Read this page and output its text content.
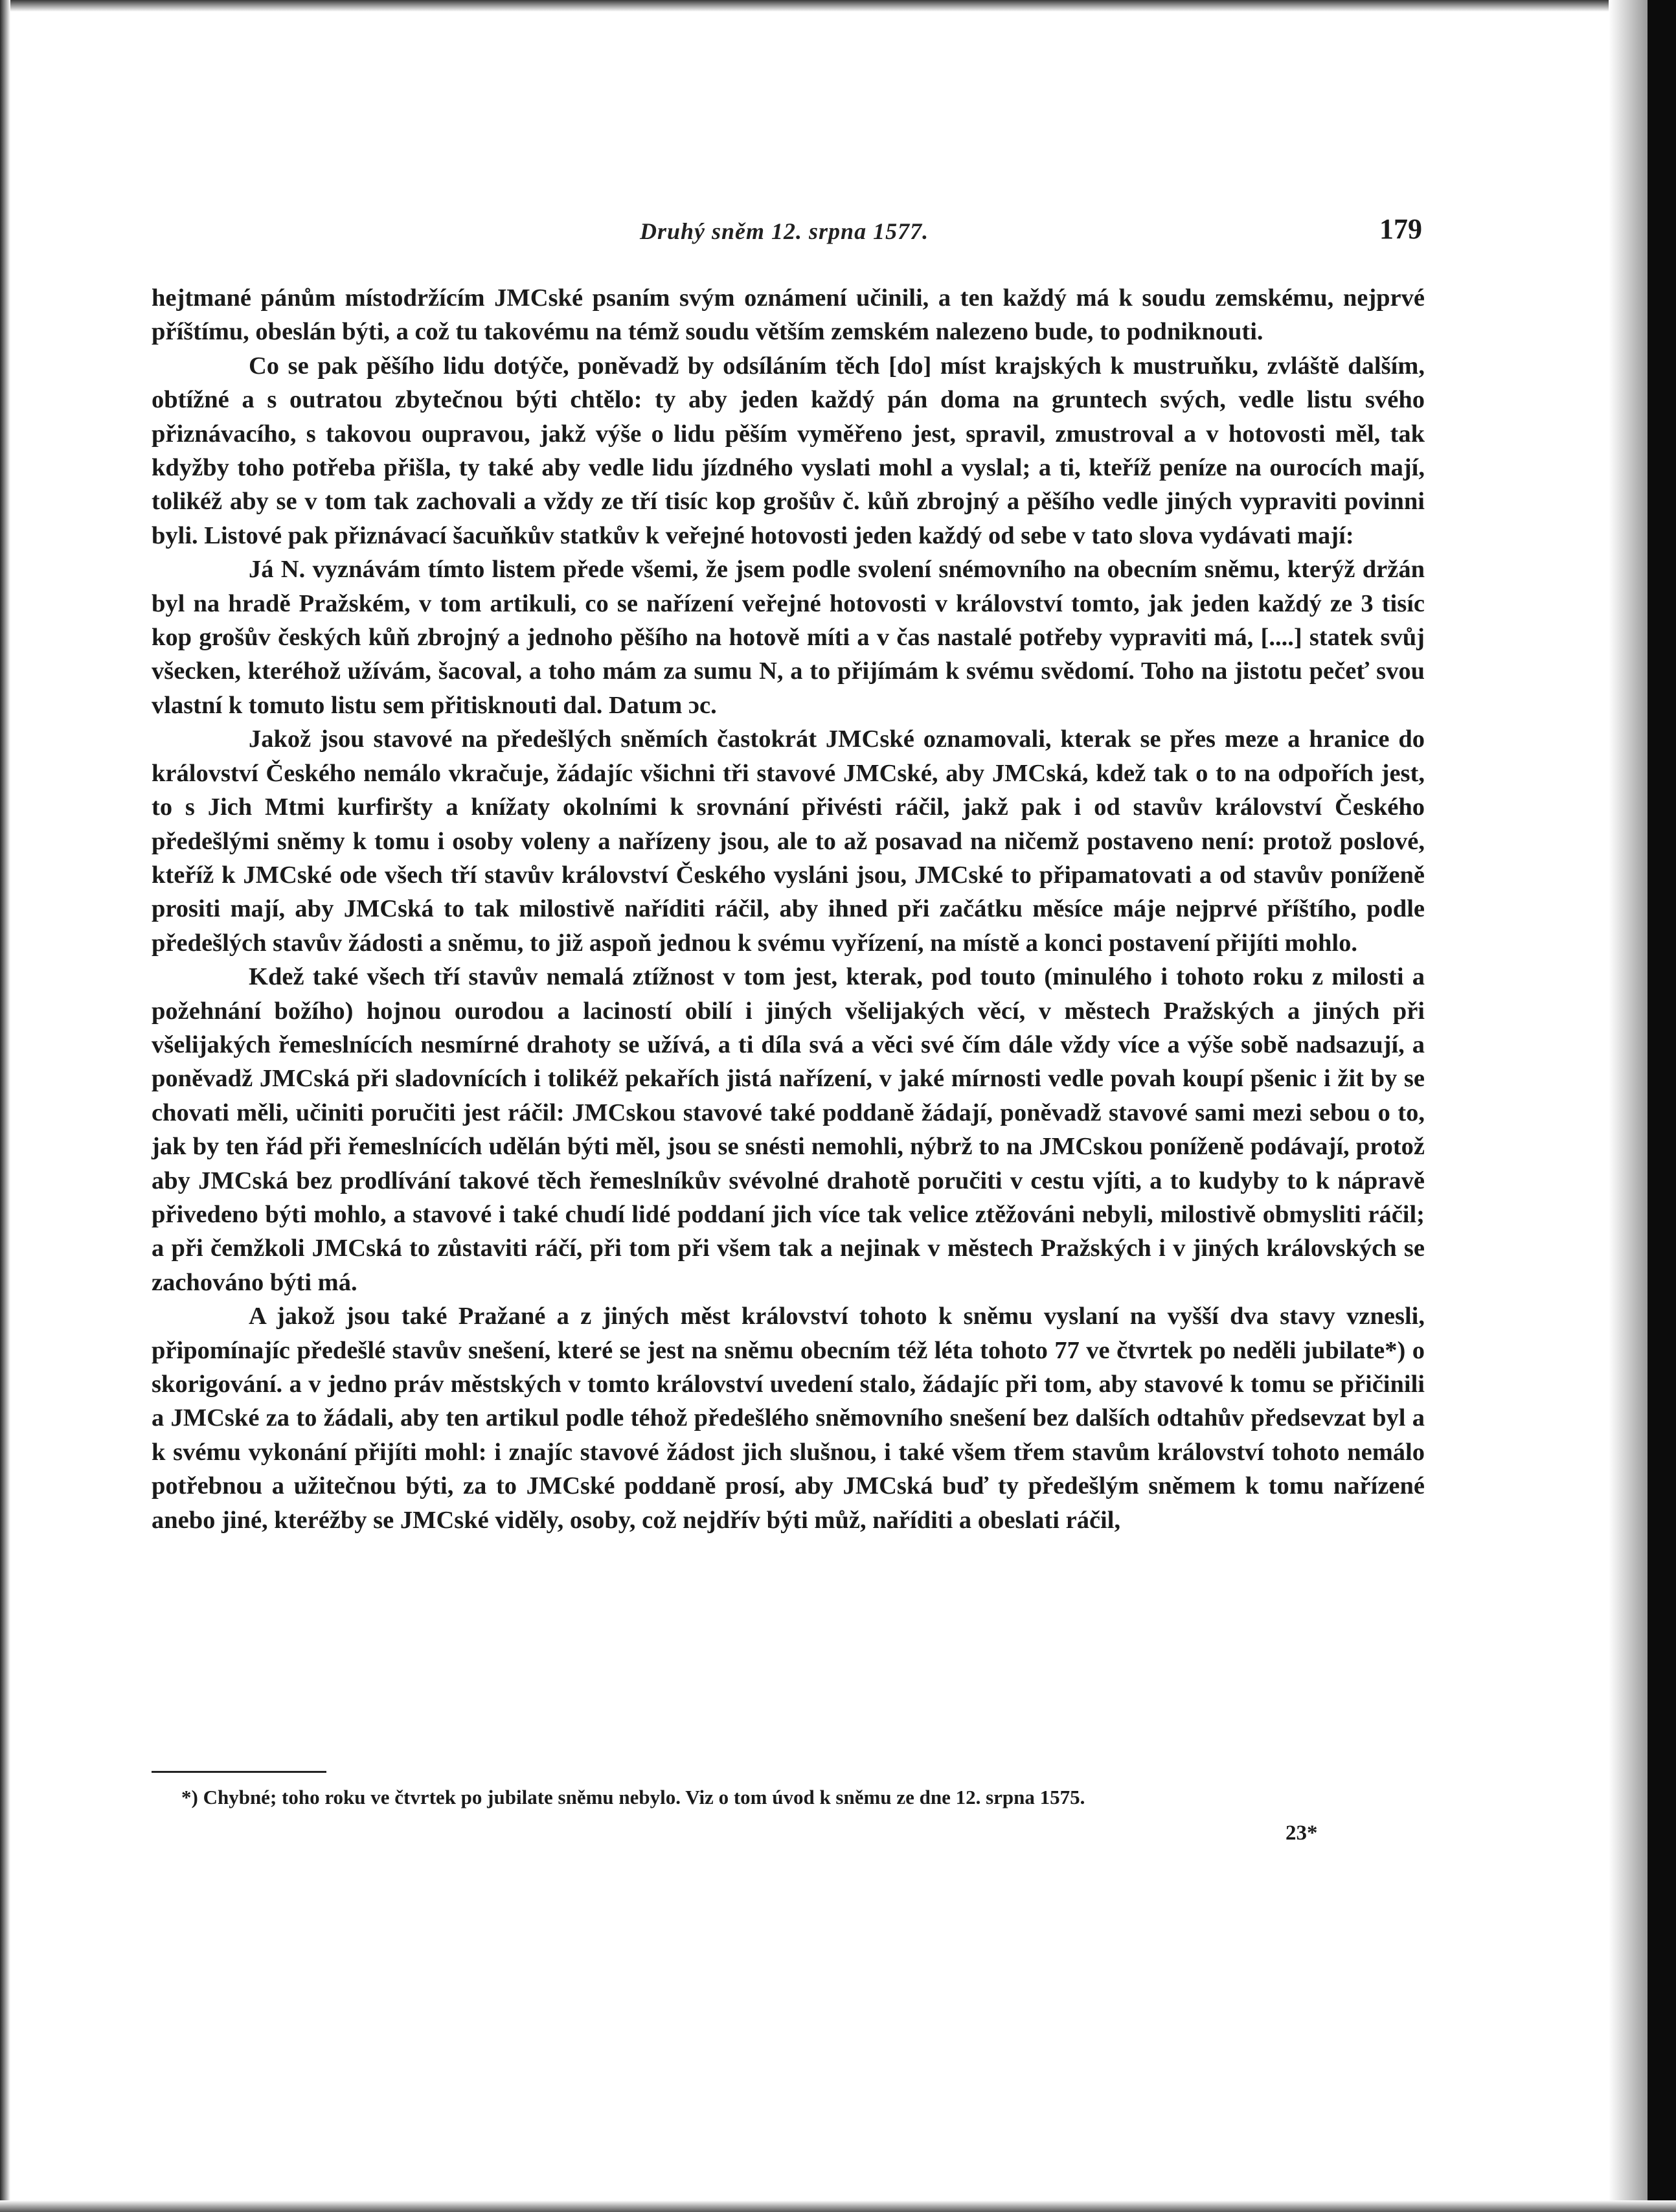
Druhý sněm 12. srpna 1577.	179

hejtmané pánům místodržícím JMCské psaním svým oznámení učinili, a ten každý má k soudu zemskému, nejprvé příštímu, obeslán býti, a což tu takovému na témž soudu větším zemském nalezeno bude, to podniknouti.

Co se pak pěšího lidu dotýče, poněvadž by odsíláním těch [do] míst krajských k mustruňku, zvláště dalším, obtížné a s outratou zbytečnou býti chtělo: ty aby jeden každý pán doma na gruntech svých, vedle listu svého přiznávacího, s takovou oupravou, jakž výše o lidu pěším vyměřeno jest, spravil, zmustroval a v hotovosti měl, tak kdyžby toho potřeba přišla, ty také aby vedle lidu jízdného vyslati mohl a vyslal; a ti, kteříž peníze na ourocích mají, tolikéž aby se v tom tak zachovali a vždy ze tří tisíc kop grošův č. kůň zbrojný a pěšího vedle jiných vypraviti povinni byli. Listové pak přiznávací šacuňkův statkův k veřejné hotovosti jeden každý od sebe v tato slova vydávati mají:

Já N. vyznávám tímto listem přede všemi, že jsem podle svolení snémovního na obecním sněmu, kterýž držán byl na hradě Pražském, v tom artikuli, co se nařízení veřejné hotovosti v království tomto, jak jeden každý ze 3 tisíc kop grošův českých kůň zbrojný a jednoho pěšího na hotově míti a v čas nastalé potřeby vypraviti má, [....] statek svůj všecken, kteréhož užívám, šacoval, a toho mám za sumu N, a to přijímám k svému svědomí. Toho na jistotu pečeť svou vlastní k tomuto listu sem přitisknouti dal. Datum ɔc.

Jakož jsou stavové na předešlých sněmích častokrát JMCské oznamovali, kterak se přes meze a hranice do království Českého nemálo vkračuje, žádajíc všichni tři stavové JMCské, aby JMCská, kdež tak o to na odpořích jest, to s Jich Mtmi kurfiršty a knížaty okolními k srovnání přivésti ráčil, jakž pak i od stavův království Českého předešlými sněmy k tomu i osoby voleny a nařízeny jsou, ale to až posavad na ničemž postaveno není: protož poslové, kteříž k JMCské ode všech tří stavův království Českého vysláni jsou, JMCské to připamatovati a od stavův poníženě prositi mají, aby JMCská to tak milostivě naříditi ráčil, aby ihned při začátku měsíce máje nejprvé příštího, podle předešlých stavův žádosti a sněmu, to již aspoň jednou k svému vyřízení, na místě a konci postavení přijíti mohlo.

Kdež také všech tří stavův nemalá ztížnost v tom jest, kterak, pod touto (minulého i tohoto roku z milosti a požehnání božího) hojnou ourodou a laciností obilí i jiných všelijakých věcí, v městech Pražských a jiných při všelijakých řemeslnících nesmírné drahoty se užívá, a ti díla svá a věci své čím dále vždy více a výše sobě nadsazují, a poněvadž JMCská při sladovnících i tolikéž pekařích jistá nařízení, v jaké mírnosti vedle povah koupí pšenic i žit by se chovati měli, učiniti poručiti jest ráčil: JMCskou stavové také poddaně žádají, poněvadž stavové sami mezi sebou o to, jak by ten řád při řemeslnících udělán býti měl, jsou se snésti nemohli, nýbrž to na JMCskou poníženě podávají, protož aby JMCská bez prodlívání takové těch řemeslníkův svévolné drahotě poručiti v cestu vjíti, a to kudyby to k nápravě přivedeno býti mohlo, a stavové i také chudí lidé poddaní jich více tak velice ztěžováni nebyli, milostivě obmysliti ráčil; a při čemžkoli JMCská to zůstaviti ráčí, při tom při všem tak a nejinak v městech Pražských i v jiných královských se zachováno býti má.

A jakož jsou také Pražané a z jiných měst království tohoto k sněmu vyslaní na vyšší dva stavy vznesli, připomínajíc předešlé stavův snešení, které se jest na sněmu obecním též léta tohoto 77 ve čtvrtek po neděli jubilate*) o skorigování. a v jedno práv městských v tomto království uvedení stalo, žádajíc při tom, aby stavové k tomu se přičinili a JMCské za to žádali, aby ten artikul podle téhož předešlého sněmovního snešení bez dalších odtahův předsevzat byl a k svému vykonání přijíti mohl: i znajíc stavové žádost jich slušnou, i také všem třem stavům království tohoto nemálo potřebnou a užitečnou býti, za to JMCské poddaně prosí, aby JMCská buď ty předešlým sněmem k tomu nařízené anebo jiné, kteréžby se JMCské viděly, osoby, což nejdřív býti můž, naříditi a obeslati ráčil,

*) Chybné; toho roku ve čtvrtek po jubilate sněmu nebylo. Viz o tom úvod k sněmu ze dne 12. srpna 1575.
23*
